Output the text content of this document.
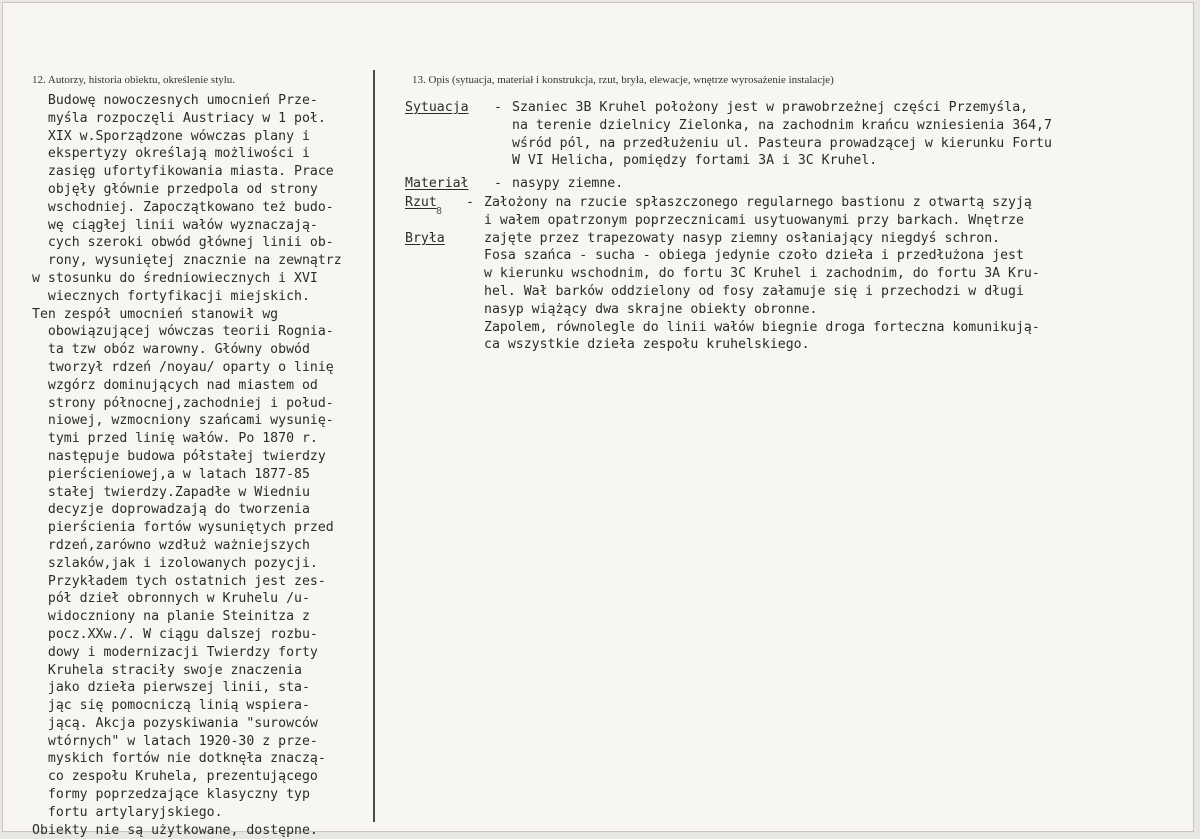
12. Autorzy, historia obiektu, określenie stylu.	13. Opis (sytuacja, materiał i konstrukcja, rzut, bryła, elewacje, wnętrze wyrosażenie instalacje)
Budowę nowoczesnych umocnień Prze-
myśla rozpoczęli Austriacy w 1 poł.
XIX w.Sporządzone wówczas plany i
ekspertyzy określają możliwości i
zasięg ufortyfikowania miasta. Prace
objęły głównie przedpola od strony
wschodniej. Zapoczątkowano też budo-
wę ciągłej linii wałów wyznaczają-
cych szeroki obwód głównej linii ob-
rony, wysuniętej znacznie na zewnątrz
w stosunku do średniowiecznych i XVI
wiecznych fortyfikacji miejskich.
Ten zespół umocnień stanowił wg
obowiązującej wówczas teorii Rognia-
ta tzw obóz warowny. Główny obwód
tworzył rdzeń /noyau/ oparty o linię
wzgórz dominujących nad miastem od
strony północnej,zachodniej i połud-
niowej, wzmocniony szańcami wysunię-
tymi przed linię wałów. Po 1870 r.
następuje budowa półstałej twierdzy
pierścieniowej,a w latach 1877-85
stałej twierdzy.Zapadłe w Wiedniu
decyzje doprowadzają do tworzenia
pierścienia fortów wysuniętych przed
rdzeń,zarówno wzdłuż ważniejszych
szlaków,jak i izolowanych pozycji.
Przykładem tych ostatnich jest zes-
pół dzieł obronnych w Kruhelu /u-
widoczniony na planie Steinitza z
pocz.XXw./. W ciągu dalszej rozbu-
dowy i modernizacji Twierdzy forty
Kruhela straciły swoje znaczenia
jako dzieła pierwszej linii, sta-
jąc się pomocniczą linią wspiera-
jącą. Akcja pozyskiwania "surowców
wtórnych" w latach 1920-30 z prze-
myskich fortów nie dotknęła znaczą-
co zespołu Kruhela, prezentującego
formy poprzedzające klasyczny typ
fortu artylaryjskiego.
Obiekty nie są użytkowane, dostępne.
Sytuacja - Szaniec 3B Kruhel położony jest w prawobrzeżnej części Przemyśla,
na terenie dzielnicy Zielonka, na zachodnim krańcu wzniesienia 364,7
wśród pól, na przedłużeniu ul. Pasteura prowadzącej w kierunku Fortu
W VI Helicha, pomiędzy fortami 3A i 3C Kruhel.
Materiał - nasypy ziemne.
Rzut
8
Bryła
- Założony na rzucie spłaszczonego regularnego bastionu z otwartą szyją
i wałem opatrzonym poprzecznicami usytuowanymi przy barkach. Wnętrze
zajęte przez trapezowaty nasyp ziemny osłaniający niegdyś schron.
Fosa szańca - sucha - obiega jedynie czoło dzieła i przedłużona jest
w kierunku wschodnim, do fortu 3C Kruhel i zachodnim, do fortu 3A Kru-
hel. Wał barków oddzielony od fosy załamuje się i przechodzi w długi
nasyp wiążący dwa skrajne obiekty obronne.
Zapolem, równolegle do linii wałów biegnie droga forteczna komunikują-
ca wszystkie dzieła zespołu kruhelskiego.
